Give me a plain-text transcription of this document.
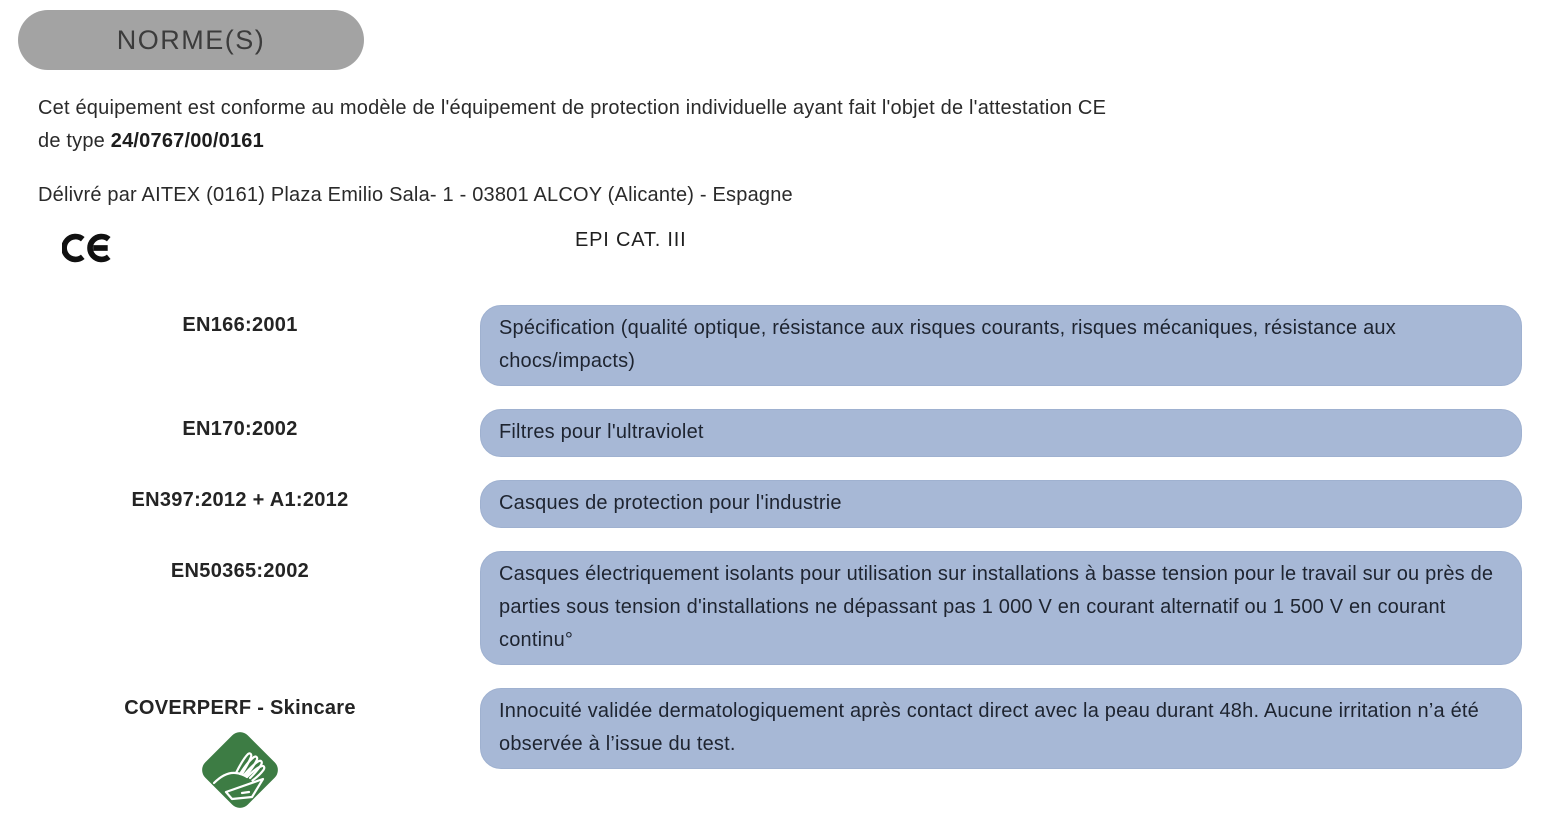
NORME(S)

Cet équipement est conforme au modèle de l'équipement de protection individuelle ayant fait l'objet de l'attestation CE
de type 24/0767/00/0161

Délivré par AITEX (0161) Plaza Emilio Sala- 1 - 03801 ALCOY (Alicante) - Espagne

EPI CAT. III
EN166:2001	Spécification (qualité optique, résistance aux risques courants, risques mécaniques, résistance aux chocs/impacts)
EN170:2002	Filtres pour l'ultraviolet
EN397:2012 + A1:2012	Casques de protection pour l'industrie
EN50365:2002	Casques électriquement isolants pour utilisation sur installations à basse tension pour le travail sur ou près de parties sous tension d'installations ne dépassant pas 1 000 V en courant alternatif ou 1 500 V en courant continu°
COVERPERF - Skincare	Innocuité validée dermatologiquement après contact direct avec la peau durant 48h. Aucune irritation n’a été observée à l’issue du test.
